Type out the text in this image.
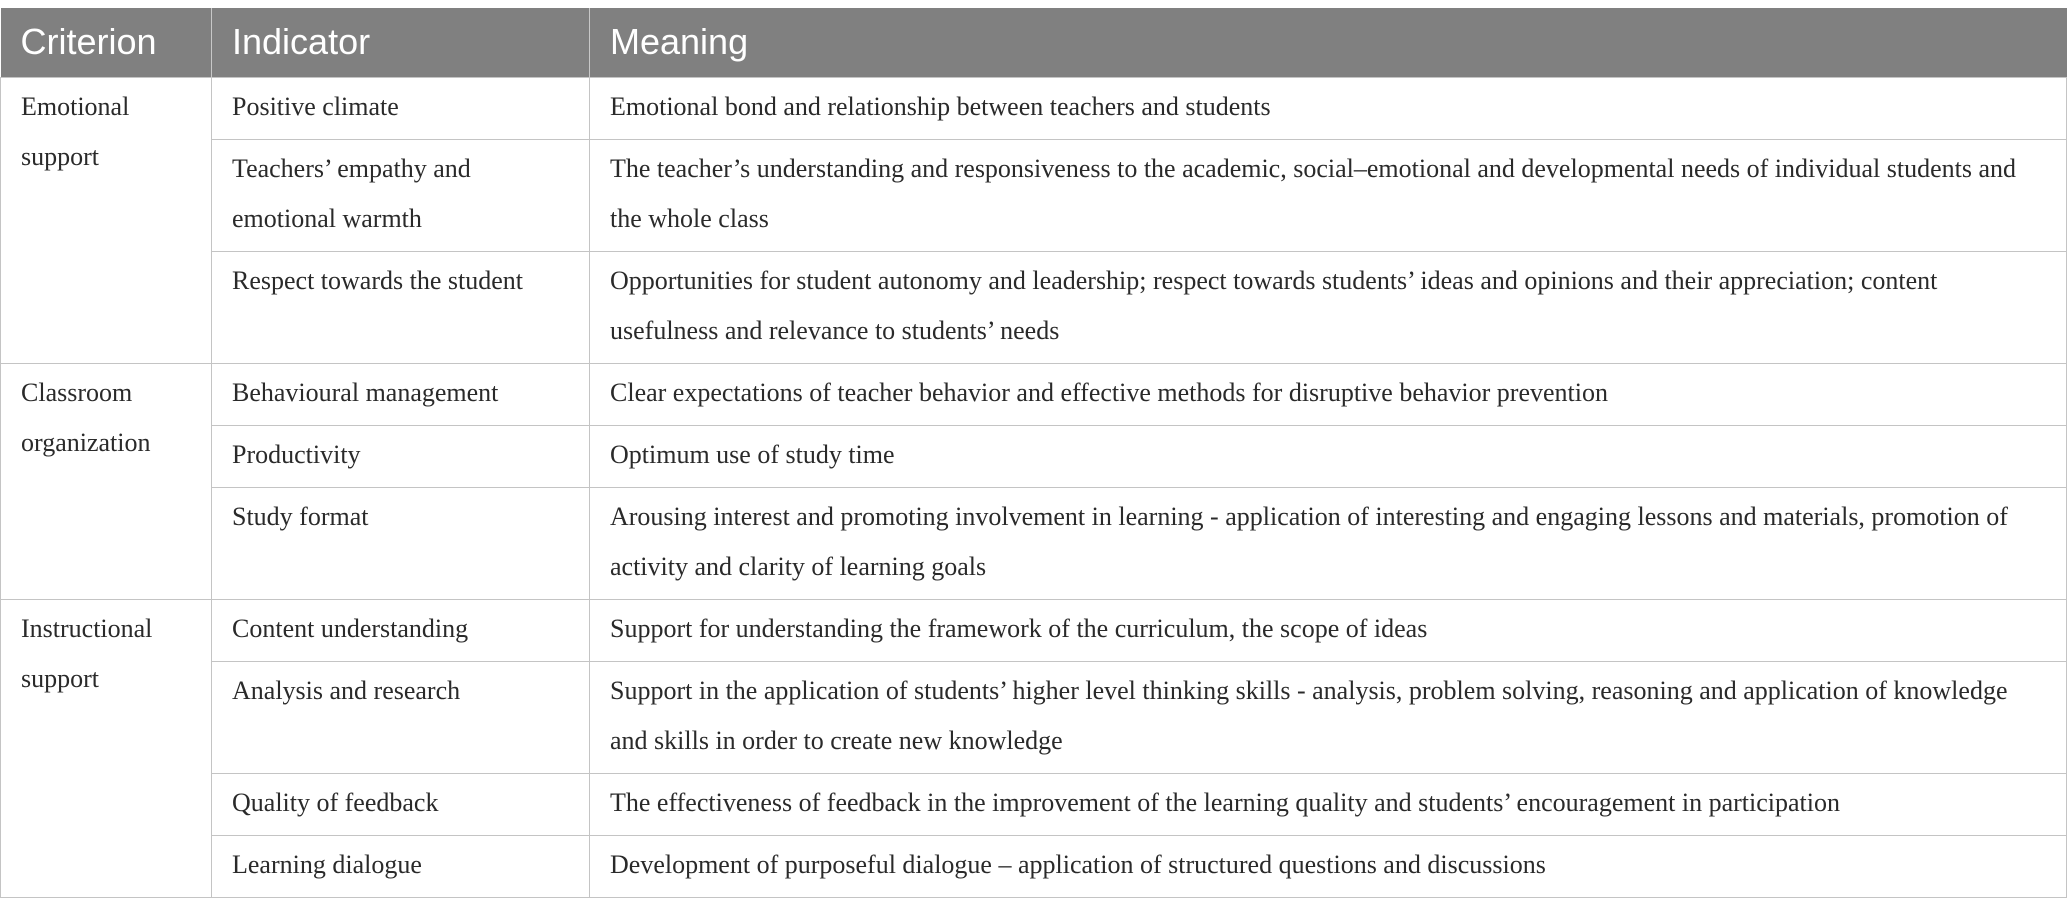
Criterion	Indicator	Meaning
Emotional support	Positive climate	Emotional bond and relationship between teachers and students
	Teachers’ empathy and emotional warmth	The teacher’s understanding and responsiveness to the academic, social–emotional and developmental needs of individual students and the whole class
	Respect towards the student	Opportunities for student autonomy and leadership; respect towards students’ ideas and opinions and their appreciation; content usefulness and relevance to students’ needs
Classroom organization	Behavioural management	Clear expectations of teacher behavior and effective methods for disruptive behavior prevention
	Productivity	Optimum use of study time
	Study format	Arousing interest and promoting involvement in learning - application of interesting and engaging lessons and materials, promotion of activity and clarity of learning goals
Instructional support	Content understanding	Support for understanding the framework of the curriculum, the scope of ideas
	Analysis and research	Support in the application of students’ higher level thinking skills - analysis, problem solving, reasoning and application of knowledge and skills in order to create new knowledge
	Quality of feedback	The effectiveness of feedback in the improvement of the learning quality and students’ encouragement in participation
	Learning dialogue	Development of purposeful dialogue – application of structured questions and discussions
